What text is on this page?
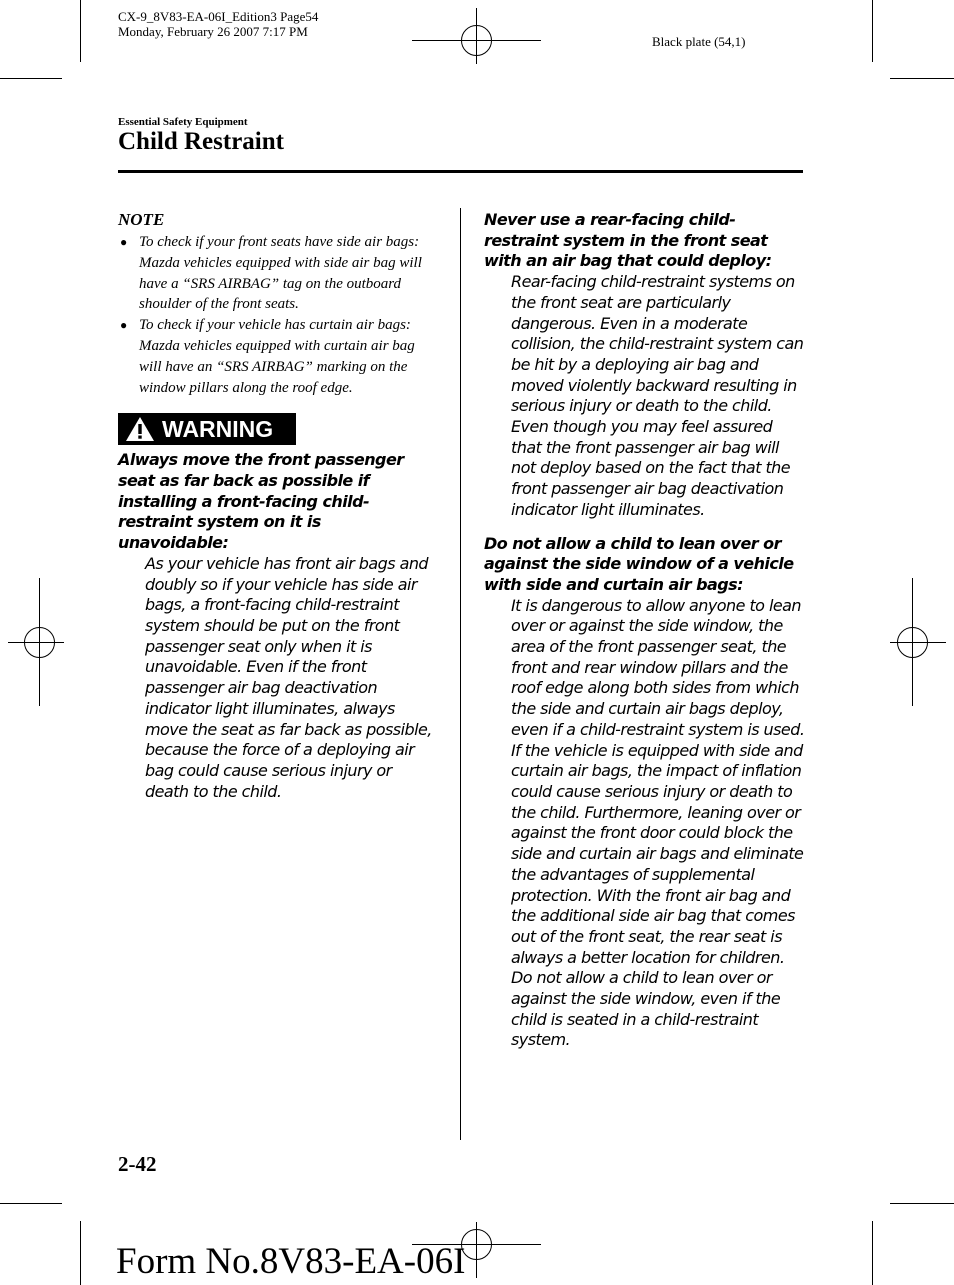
CX-9_8V83-EA-06I_Edition3 Page54
Monday, February 26 2007 7:17 PM
Black plate (54,1)
Essential Safety Equipment
Child Restraint
NOTE
● To check if your front seats have side air bags:
Mazda vehicles equipped with side air bag will have a “SRS AIRBAG” tag on the outboard shoulder of the front seats.
● To check if your vehicle has curtain air bags:
Mazda vehicles equipped with curtain air bag will have an “SRS AIRBAG” marking on the window pillars along the roof edge.
WARNING
Always move the front passenger seat as far back as possible if installing a front-facing child-restraint system on it is unavoidable:
As your vehicle has front air bags and doubly so if your vehicle has side air bags, a front-facing child-restraint system should be put on the front passenger seat only when it is unavoidable. Even if the front passenger air bag deactivation indicator light illuminates, always move the seat as far back as possible, because the force of a deploying air bag could cause serious injury or death to the child.
Never use a rear-facing child-restraint system in the front seat with an air bag that could deploy:
Rear-facing child-restraint systems on the front seat are particularly dangerous. Even in a moderate collision, the child-restraint system can be hit by a deploying air bag and moved violently backward resulting in serious injury or death to the child. Even though you may feel assured that the front passenger air bag will not deploy based on the fact that the front passenger air bag deactivation indicator light illuminates.
Do not allow a child to lean over or against the side window of a vehicle with side and curtain air bags:
It is dangerous to allow anyone to lean over or against the side window, the area of the front passenger seat, the front and rear window pillars and the roof edge along both sides from which the side and curtain air bags deploy, even if a child-restraint system is used. If the vehicle is equipped with side and curtain air bags, the impact of inflation could cause serious injury or death to the child. Furthermore, leaning over or against the front door could block the side and curtain air bags and eliminate the advantages of supplemental protection. With the front air bag and the additional side air bag that comes out of the front seat, the rear seat is always a better location for children. Do not allow a child to lean over or against the side window, even if the child is seated in a child-restraint system.
2-42
Form No.8V83-EA-06I
